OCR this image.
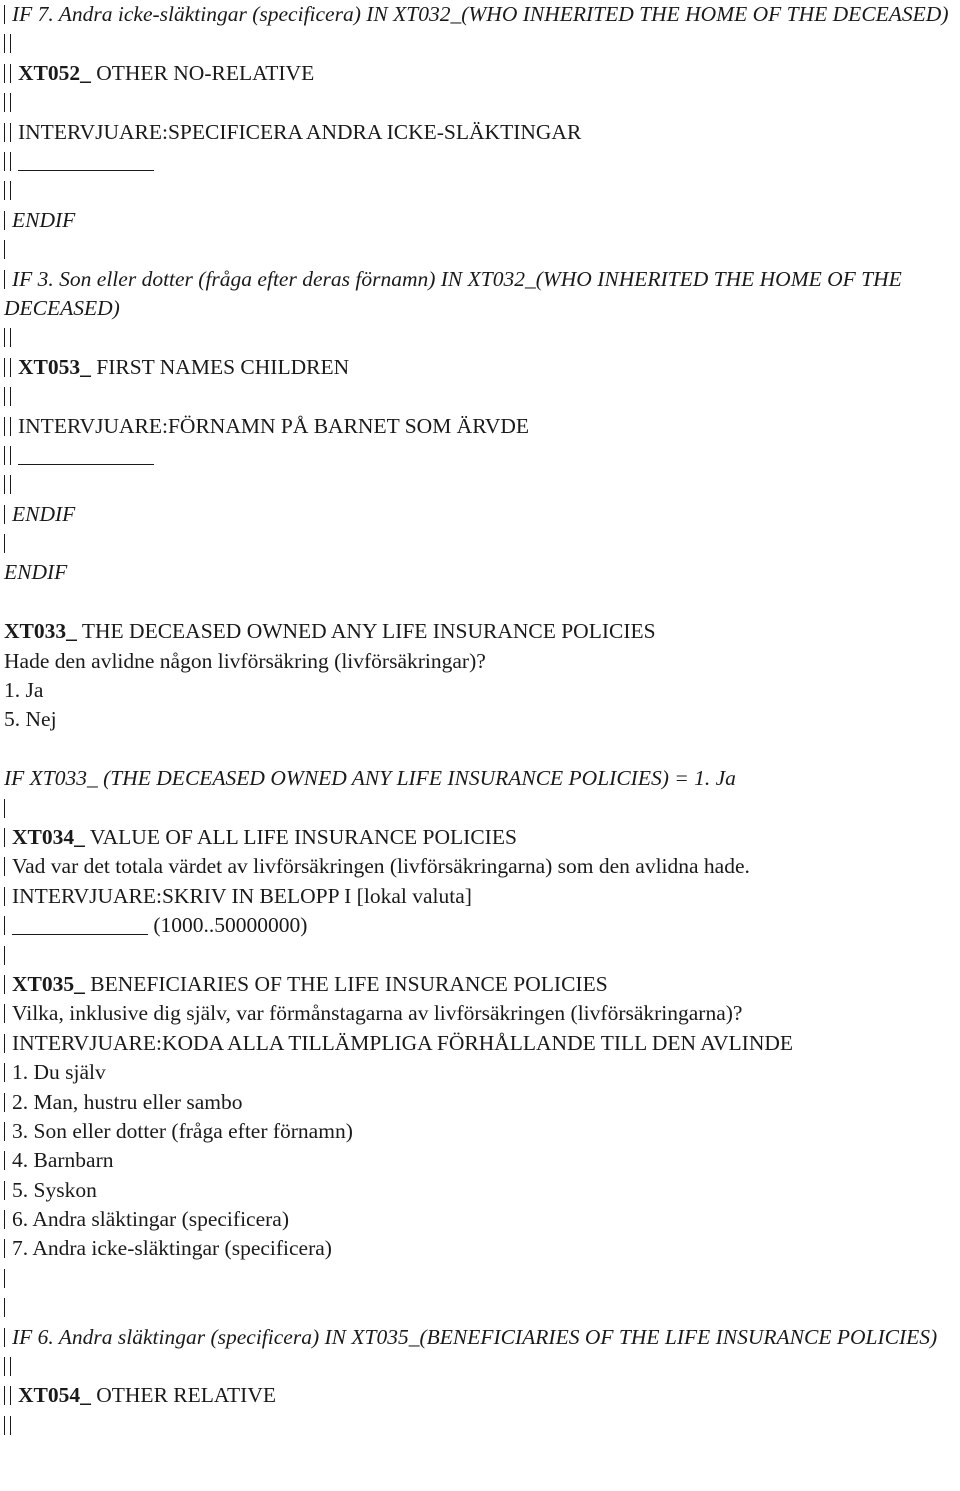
IF 7. Andra icke-släktingar (specificera) IN XT032_(WHO INHERITED THE HOME OF THE DECEASED)
XT052_ OTHER NO-RELATIVE
INTERVJUARE:SPECIFICERA ANDRA ICKE-SLÄKTINGAR
ENDIF
IF 3. Son eller dotter (fråga efter deras förnamn) IN XT032_(WHO INHERITED THE HOME OF THE DECEASED)
XT053_ FIRST NAMES CHILDREN
INTERVJUARE:FÖRNAMN PÅ BARNET SOM ÄRVDE
ENDIF
ENDIF
XT033_ THE DECEASED OWNED ANY LIFE INSURANCE POLICIES
Hade den avlidne någon livförsäkring (livförsäkringar)?
1. Ja
5. Nej
IF XT033_ (THE DECEASED OWNED ANY LIFE INSURANCE POLICIES) = 1. Ja
XT034_ VALUE OF ALL LIFE INSURANCE POLICIES
Vad var det totala värdet av livförsäkringen (livförsäkringarna) som den avlidna hade.
INTERVJUARE:SKRIV IN BELOPP I [lokal valuta]
(1000..50000000)
XT035_ BENEFICIARIES OF THE LIFE INSURANCE POLICIES
Vilka, inklusive dig själv, var förmånstagarna av livförsäkringen (livförsäkringarna)?
INTERVJUARE:KODA ALLA TILLÄMPLIGA FÖRHÅLLANDE TILL DEN AVLINDE
1. Du själv
2. Man, hustru eller sambo
3. Son eller dotter (fråga efter förnamn)
4. Barnbarn
5. Syskon
6. Andra släktingar (specificera)
7. Andra icke-släktingar (specificera)
IF 6. Andra släktingar (specificera) IN XT035_(BENEFICIARIES OF THE LIFE INSURANCE POLICIES)
XT054_ OTHER RELATIVE
